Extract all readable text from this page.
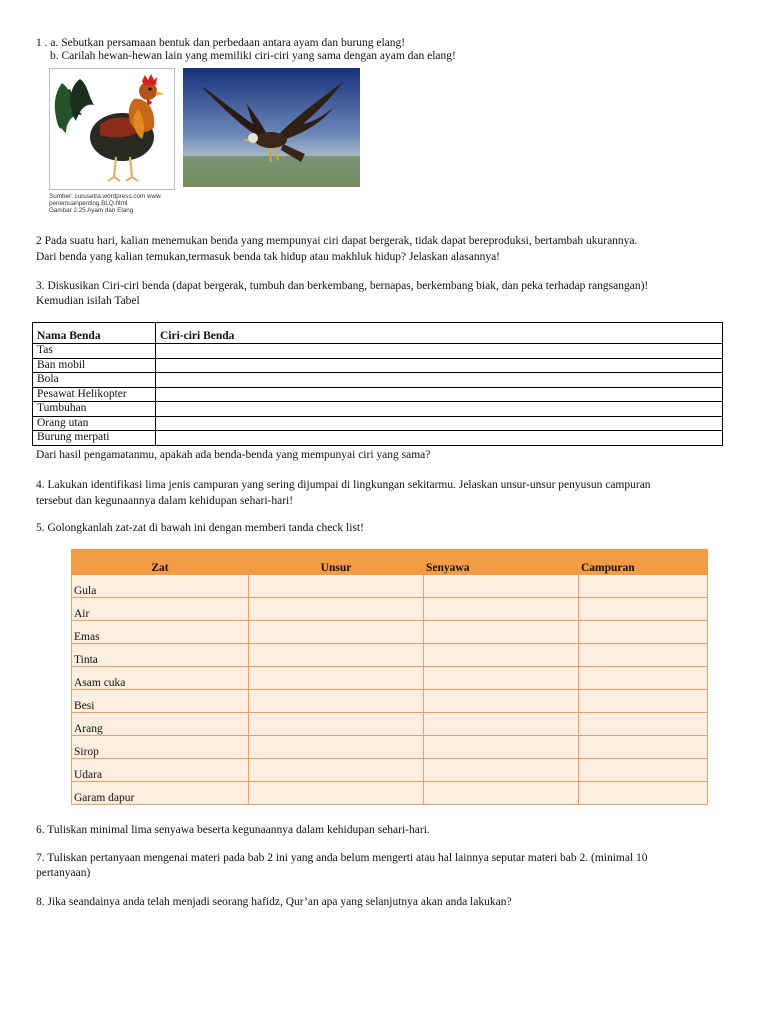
1 . a. Sebutkan persamaan bentuk dan perbedaan antara ayam dan burung elang!
b. Carilah hewan-hewan lain yang memiliki ciri-ciri yang sama dengan ayam dan elang!
Sumber: curusetra.wordpress.com www.
penemuanpenting.BLQ.html
Gambar 2.25 Ayam dan Elang
2 Pada suatu hari, kalian menemukan benda yang mempunyai ciri dapat bergerak, tidak dapat bereproduksi, bertambah ukurannya.
Dari benda yang kalian temukan,termasuk benda tak hidup atau makhluk hidup? Jelaskan alasannya!
3. Diskusikan Ciri-ciri benda (dapat bergerak, tumbuh dan berkembang, bernapas, berkembang biak, dan peka terhadap rangsangan)!
Kemudian isilah Tabel
Nama Benda	Ciri-ciri Benda
Tas	
Ban mobil	
Bola	
Pesawat Helikopter	
Tumbuhan	
Orang utan	
Burung merpati	
Dari hasil pengamatanmu, apakah ada benda-benda yang mempunyai ciri yang sama?
4. Lakukan identifikasi lima jenis campuran yang sering dijumpai di lingkungan sekitarmu. Jelaskan unsur-unsur penyusun campuran
tersebut dan kegunaannya dalam kehidupan sehari-hari!
5. Golongkanlah zat-zat di bawah ini dengan memberi tanda check list!
Zat	Unsur	Senyawa	Campuran
Gula			
Air			
Emas			
Tinta			
Asam cuka			
Besi			
Arang			
Sirop			
Udara			
Garam dapur			
6. Tuliskan minimal lima senyawa beserta kegunaannya dalam kehidupan sehari-hari.
7. Tuliskan pertanyaan mengenai materi pada bab 2 ini yang anda belum mengerti atau hal lainnya seputar materi bab 2. (minimal 10
pertanyaan)
8. Jika seandainya anda telah menjadi seorang hafidz, Qur’an apa yang selanjutnya akan anda lakukan?
